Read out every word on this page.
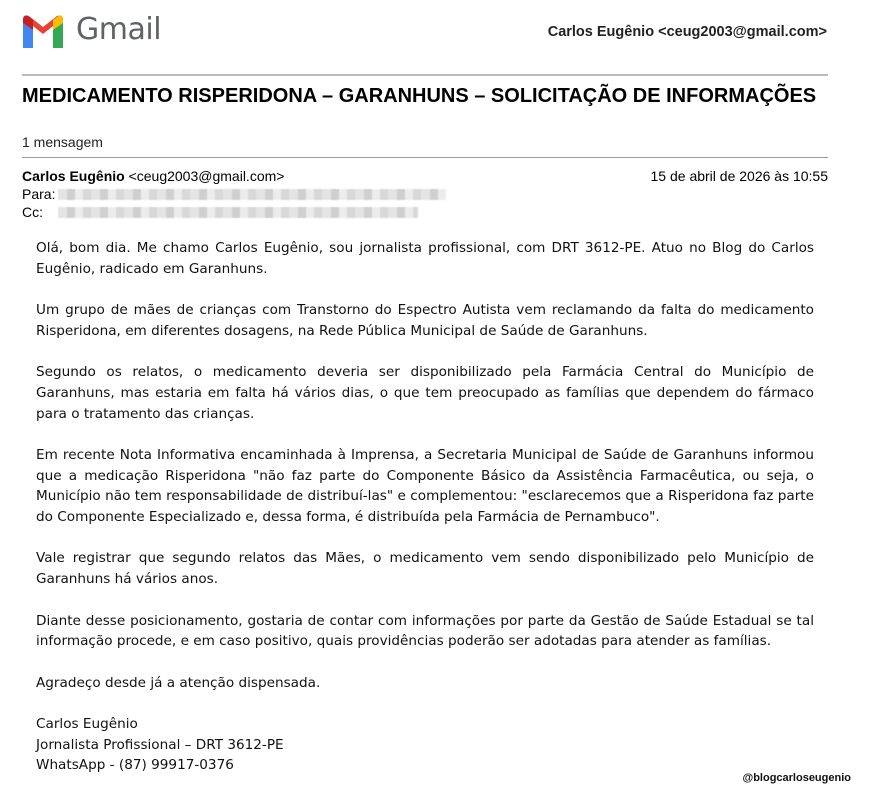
Gmail	Carlos Eugênio <ceug2003@gmail.com>
MEDICAMENTO RISPERIDONA – GARANHUNS – SOLICITAÇÃO DE INFORMAÇÕES
1 mensagem
Carlos Eugênio <ceug2003@gmail.com>	15 de abril de 2026 às 10:55
Para:
Cc:

Olá, bom dia. Me chamo Carlos Eugênio, sou jornalista profissional, com DRT 3612-PE. Atuo no Blog do Carlos Eugênio, radicado em Garanhuns.

Um grupo de mães de crianças com Transtorno do Espectro Autista vem reclamando da falta do medicamento Risperidona, em diferentes dosagens, na Rede Pública Municipal de Saúde de Garanhuns.

Segundo os relatos, o medicamento deveria ser disponibilizado pela Farmácia Central do Município de Garanhuns, mas estaria em falta há vários dias, o que tem preocupado as famílias que dependem do fármaco para o tratamento das crianças.

Em recente Nota Informativa encaminhada à Imprensa, a Secretaria Municipal de Saúde de Garanhuns informou que a medicação Risperidona "não faz parte do Componente Básico da Assistência Farmacêutica, ou seja, o Município não tem responsabilidade de distribuí-las" e complementou: "esclarecemos que a Risperidona faz parte do Componente Especializado e, dessa forma, é distribuída pela Farmácia de Pernambuco".

Vale registrar que segundo relatos das Mães, o medicamento vem sendo disponibilizado pelo Município de Garanhuns há vários anos.

Diante desse posicionamento, gostaria de contar com informações por parte da Gestão de Saúde Estadual se tal informação procede, e em caso positivo, quais providências poderão ser adotadas para atender as famílias.

Agradeço desde já a atenção dispensada.

Carlos Eugênio
Jornalista Profissional – DRT 3612-PE
WhatsApp - (87) 99917-0376
@blogcarloseugenio
